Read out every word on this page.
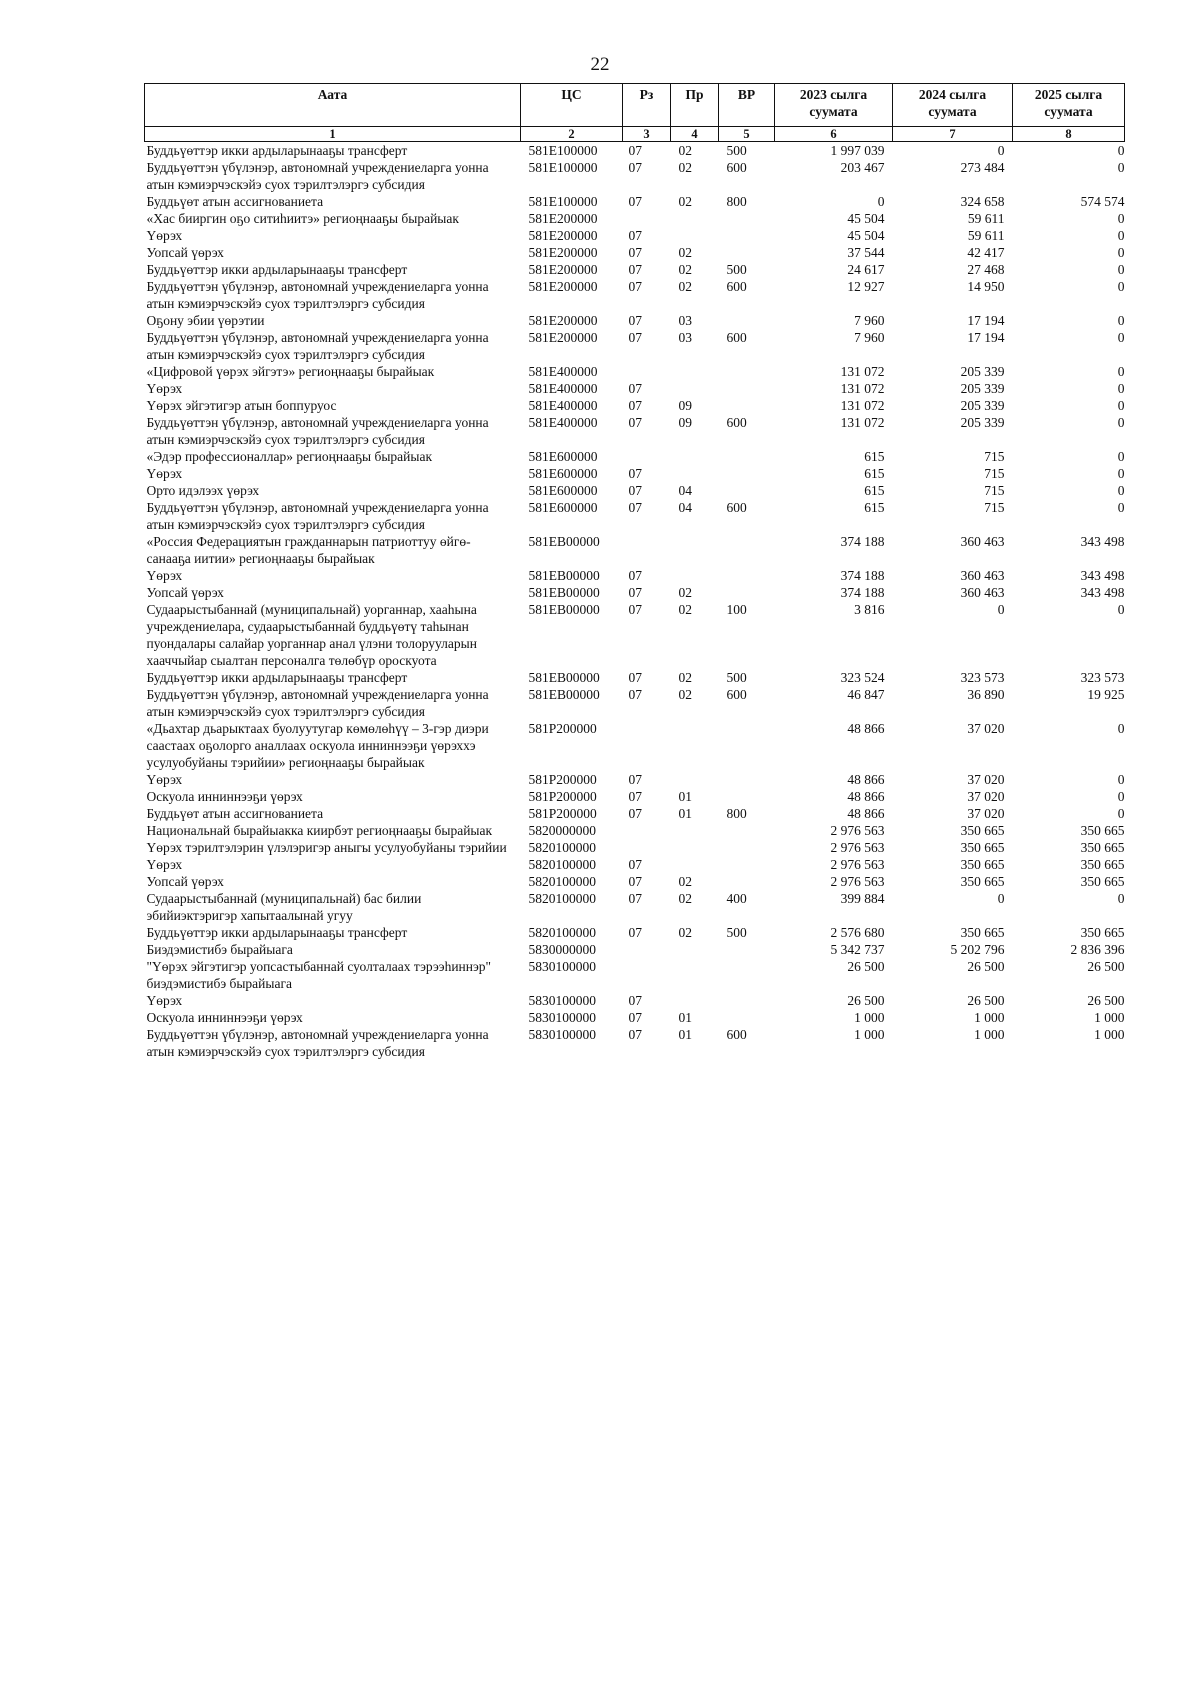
22
Аата	ЦС	Рз	Пр	ВР	2023 сылга суумата	2024 сылга суумата	2025 сылга суумата
1	2	3	4	5	6	7	8
Буддьүөттэр икки ардыларынааҕы трансферт	581E100000	07	02	500	1 997 039	0	0
Буддьүөттэн үбүлэнэр, автономнай учреждениеларга уонна атын кэмиэрчэскэйэ суох тэрилтэлэргэ субсидия	581E100000	07	02	600	203 467	273 484	0
Буддьүөт атын ассигнованиета	581E100000	07	02	800	0	324 658	574 574
«Хас бииргин оҕо ситиһиитэ» региоңнааҕы бырайыак	581E200000				45 504	59 611	0
Үөрэх	581E200000	07			45 504	59 611	0
Уопсай үөрэх	581E200000	07	02		37 544	42 417	0
Буддьүөттэр икки ардыларынааҕы трансферт	581E200000	07	02	500	24 617	27 468	0
Буддьүөттэн үбүлэнэр, автономнай учреждениеларга уонна атын кэмиэрчэскэйэ суох тэрилтэлэргэ субсидия	581E200000	07	02	600	12 927	14 950	0
Оҕону эбии үөрэтии	581E200000	07	03		7 960	17 194	0
Буддьүөттэн үбүлэнэр, автономнай учреждениеларга уонна атын кэмиэрчэскэйэ суох тэрилтэлэргэ субсидия	581E200000	07	03	600	7 960	17 194	0
«Цифровой үөрэх эйгэтэ» региоңнааҕы бырайыак	581E400000				131 072	205 339	0
Үөрэх	581E400000	07			131 072	205 339	0
Үөрэх эйгэтигэр атын боппуруос	581E400000	07	09		131 072	205 339	0
Буддьүөттэн үбүлэнэр, автономнай учреждениеларга уонна атын кэмиэрчэскэйэ суох тэрилтэлэргэ субсидия	581E400000	07	09	600	131 072	205 339	0
«Эдэр профессионаллар» региоңнааҕы бырайыак	581E600000				615	715	0
Үөрэх	581E600000	07			615	715	0
Орто идэлээх үөрэх	581E600000	07	04		615	715	0
Буддьүөттэн үбүлэнэр, автономнай учреждениеларга уонна атын кэмиэрчэскэйэ суох тэрилтэлэргэ субсидия	581E600000	07	04	600	615	715	0
«Россия Федерациятын гражданнарын патриоттуу өйгө-санааҕа иитии» региоңнааҕы бырайыак	581EB00000				374 188	360 463	343 498
Үөрэх	581EB00000	07			374 188	360 463	343 498
Уопсай үөрэх	581EB00000	07	02		374 188	360 463	343 498
Судаарыстыбаннай (муниципальнай) уорганнар, хааһына учреждениелара, судаарыстыбаннай буддьүөтү таһынан пуондалары салайар уорганнар анал үлэни толорууларын хааччыйар сыалтан персоналга төлөбүр ороскуота	581EB00000	07	02	100	3 816	0	0
Буддьүөттэр икки ардыларынааҕы трансферт	581EB00000	07	02	500	323 524	323 573	323 573
Буддьүөттэн үбүлэнэр, автономнай учреждениеларга уонна атын кэмиэрчэскэйэ суох тэрилтэлэргэ субсидия	581EB00000	07	02	600	46 847	36 890	19 925
«Дьахтар дьарыктаах буолуутугар көмөлөһүү – 3-гэр диэри саастаах оҕолорго аналлаах оскуола инниннээҕи үөрэххэ усулуобуйаны тэрийии» региоңнааҕы бырайыак	581P200000				48 866	37 020	0
Үөрэх	581P200000	07			48 866	37 020	0
Оскуола инниннээҕи үөрэх	581P200000	07	01		48 866	37 020	0
Буддьүөт атын ассигнованиета	581P200000	07	01	800	48 866	37 020	0
Национальнай бырайыакка киирбэт региоңнааҕы бырайыак	5820000000				2 976 563	350 665	350 665
Үөрэх тэрилтэлэрин үлэлэригэр аныгы усулуобуйаны тэрийии	5820100000				2 976 563	350 665	350 665
Үөрэх	5820100000	07			2 976 563	350 665	350 665
Уопсай үөрэх	5820100000	07	02		2 976 563	350 665	350 665
Судаарыстыбаннай (муниципальнай) бас билии эбийиэктэригэр хапытаалынай угуу	5820100000	07	02	400	399 884	0	0
Буддьүөттэр икки ардыларынааҕы трансферт	5820100000	07	02	500	2 576 680	350 665	350 665
Биэдэмистибэ бырайыага	5830000000				5 342 737	5 202 796	2 836 396
"Үөрэх эйгэтигэр уопсастыбаннай суолталаах тэрээһиннэр" биэдэмистибэ бырайыага	5830100000				26 500	26 500	26 500
Үөрэх	5830100000	07			26 500	26 500	26 500
Оскуола инниннээҕи үөрэх	5830100000	07	01		1 000	1 000	1 000
Буддьүөттэн үбүлэнэр, автономнай учреждениеларга уонна атын кэмиэрчэскэйэ суох тэрилтэлэргэ субсидия	5830100000	07	01	600	1 000	1 000	1 000
